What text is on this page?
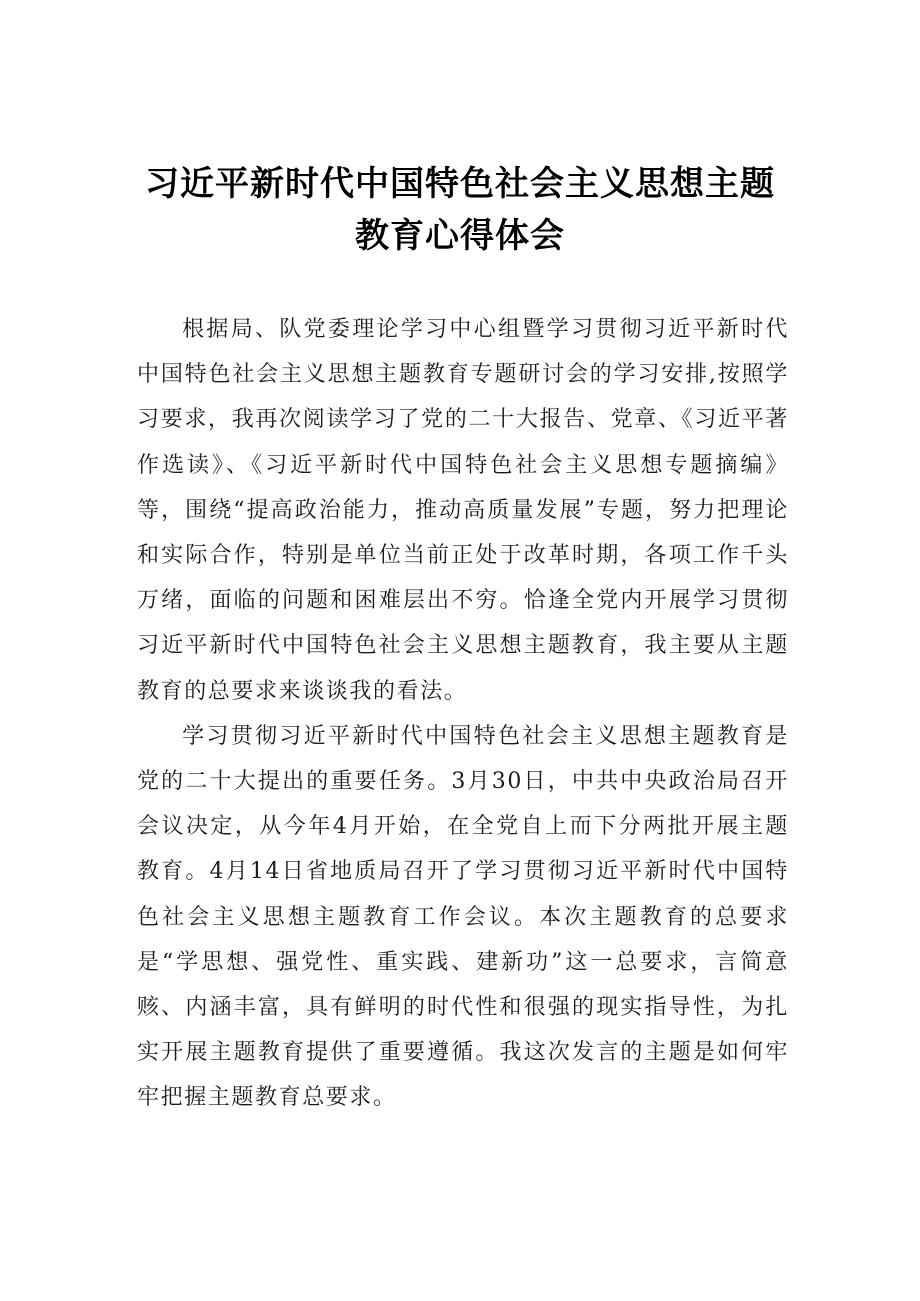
习近平新时代中国特色社会主义思想主题
教育心得体会

根据局、队党委理论学习中心组暨学习贯彻习近平新时代中国特色社会主义思想主题教育专题研讨会的学习安排,按照学习要求，我再次阅读学习了党的二十大报告、党章、《习近平著作选读》、《习近平新时代中国特色社会主义思想专题摘编》等，围绕“提高政治能力，推动高质量发展”专题，努力把理论和实际合作，特别是单位当前正处于改革时期，各项工作千头万绪，面临的问题和困难层出不穷。恰逢全党内开展学习贯彻习近平新时代中国特色社会主义思想主题教育，我主要从主题教育的总要求来谈谈我的看法。

学习贯彻习近平新时代中国特色社会主义思想主题教育是党的二十大提出的重要任务。3月30日，中共中央政治局召开会议决定，从今年4月开始，在全党自上而下分两批开展主题教育。4月14日省地质局召开了学习贯彻习近平新时代中国特色社会主义思想主题教育工作会议。本次主题教育的总要求是“学思想、强党性、重实践、建新功”这一总要求，言简意赅、内涵丰富，具有鲜明的时代性和很强的现实指导性，为扎实开展主题教育提供了重要遵循。我这次发言的主题是如何牢牢把握主题教育总要求。
